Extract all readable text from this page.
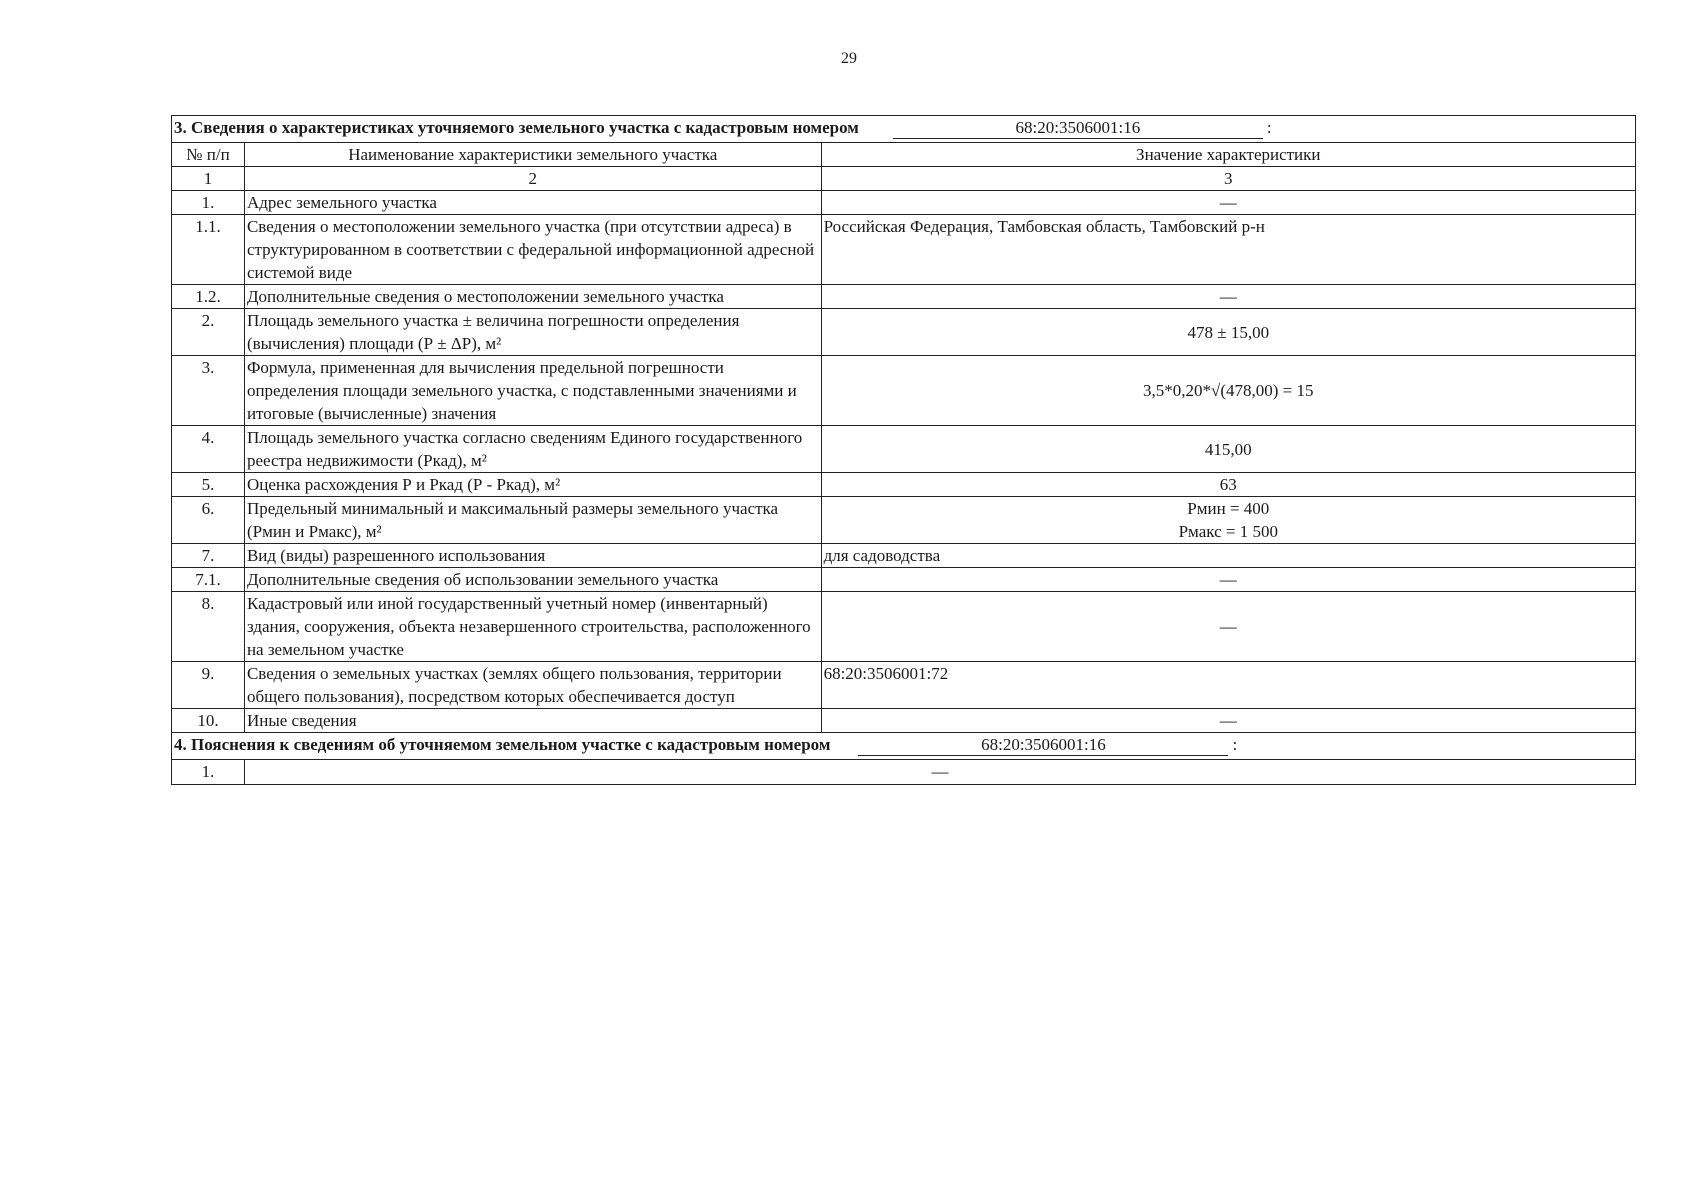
29
3. Сведения о характеристиках уточняемого земельного участка с кадастровым номером 68:20:3506001:16 :		
№ п/п	Наименование характеристики земельного участка	Значение характеристики
1	2	3
1.	Адрес земельного участка	—
1.1.	Сведения о местоположении земельного участка (при отсутствии адреса) в структурированном в соответствии с федеральной информационной адресной системой виде	Российская Федерация, Тамбовская область, Тамбовский р-н
1.2.	Дополнительные сведения о местоположении земельного участка	—
2.	Площадь земельного участка ± величина погрешности определения (вычисления) площади (Р ± ΔР), м²	478 ± 15,00
3.	Формула, примененная для вычисления предельной погрешности определения площади земельного участка, с подставленными значениями и итоговые (вычисленные) значения	3,5*0,20*√(478,00) = 15
4.	Площадь земельного участка согласно сведениям Единого государственного реестра недвижимости (Ркад), м²	415,00
5.	Оценка расхождения Р и Ркад (Р - Ркад), м²	63
6.	Предельный минимальный и максимальный размеры земельного участка (Рмин и Рмакс), м²	Рмин = 400
Рмакс = 1 500

7.	Вид (виды) разрешенного использования	для садоводства
7.1.	Дополнительные сведения об использовании земельного участка	—
8.	Кадастровый или иной государственный учетный номер (инвентарный) здания, сооружения, объекта незавершенного строительства, расположенного на земельном участке	—
9.	Сведения о земельных участках (землях общего пользования, территории общего пользования), посредством которых обеспечивается доступ	68:20:3506001:72
10.	Иные сведения	—
4. Пояснения к сведениям об уточняемом земельном участке с кадастровым номером 68:20:3506001:16 :		
1.	—	
